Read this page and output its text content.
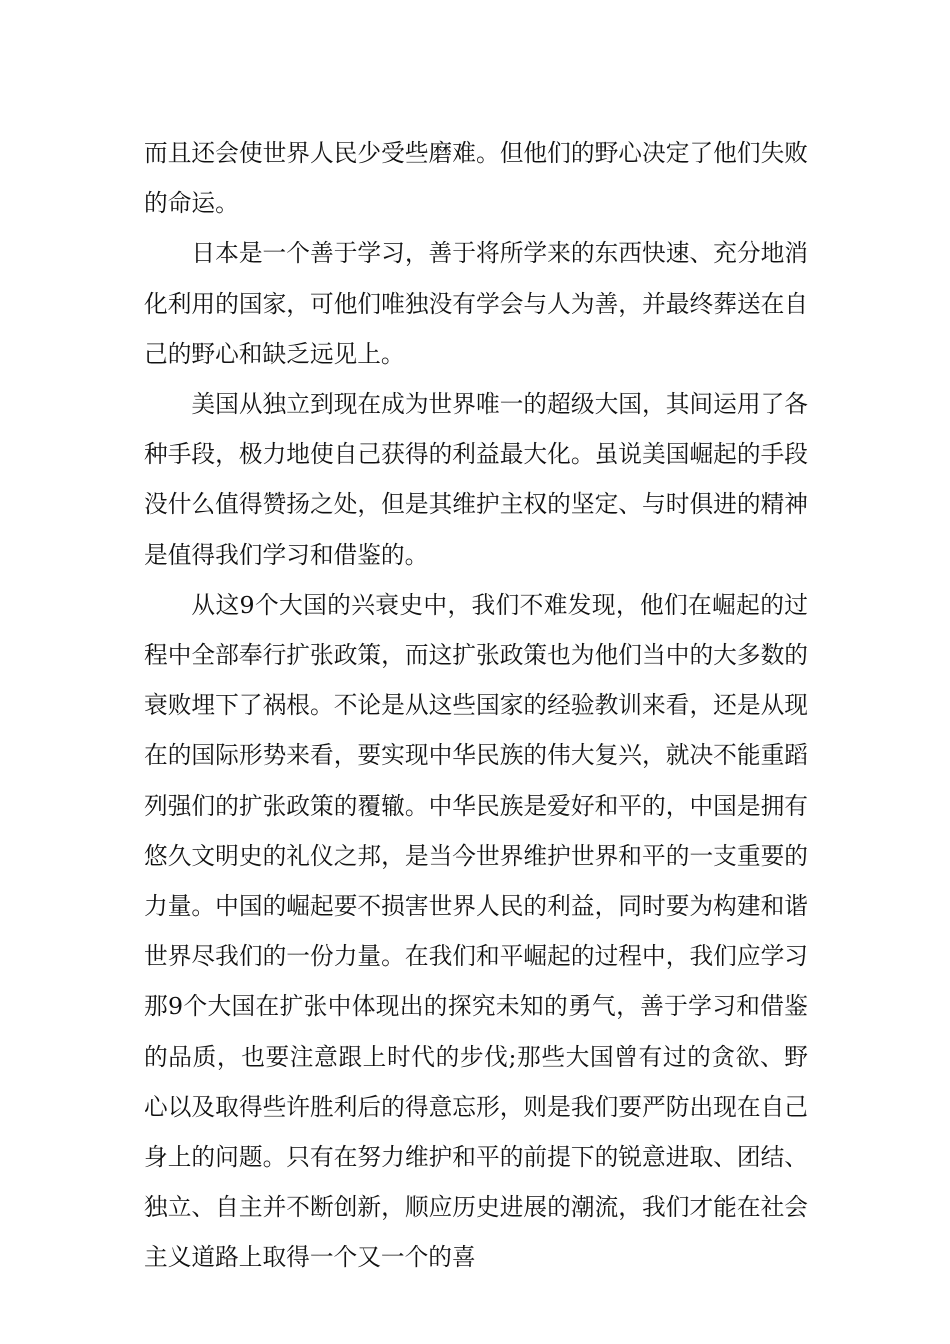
而且还会使世界人民少受些磨难。但他们的野心决定了他们失败的命运。

日本是一个善于学习，善于将所学来的东西快速、充分地消化利用的国家，可他们唯独没有学会与人为善，并最终葬送在自己的野心和缺乏远见上。

美国从独立到现在成为世界唯一的超级大国，其间运用了各种手段，极力地使自己获得的利益最大化。虽说美国崛起的手段没什么值得赞扬之处，但是其维护主权的坚定、与时俱进的精神是值得我们学习和借鉴的。

从这9个大国的兴衰史中，我们不难发现，他们在崛起的过程中全部奉行扩张政策，而这扩张政策也为他们当中的大多数的衰败埋下了祸根。不论是从这些国家的经验教训来看，还是从现在的国际形势来看，要实现中华民族的伟大复兴，就决不能重蹈列强们的扩张政策的覆辙。中华民族是爱好和平的，中国是拥有悠久文明史的礼仪之邦，是当今世界维护世界和平的一支重要的力量。中国的崛起要不损害世界人民的利益，同时要为构建和谐世界尽我们的一份力量。在我们和平崛起的过程中，我们应学习那9个大国在扩张中体现出的探究未知的勇气，善于学习和借鉴的品质，也要注意跟上时代的步伐;那些大国曾有过的贪欲、野心以及取得些许胜利后的得意忘形，则是我们要严防出现在自己身上的问题。只有在努力维护和平的前提下的锐意进取、团结、独立、自主并不断创新，顺应历史进展的潮流，我们才能在社会主义道路上取得一个又一个的喜
